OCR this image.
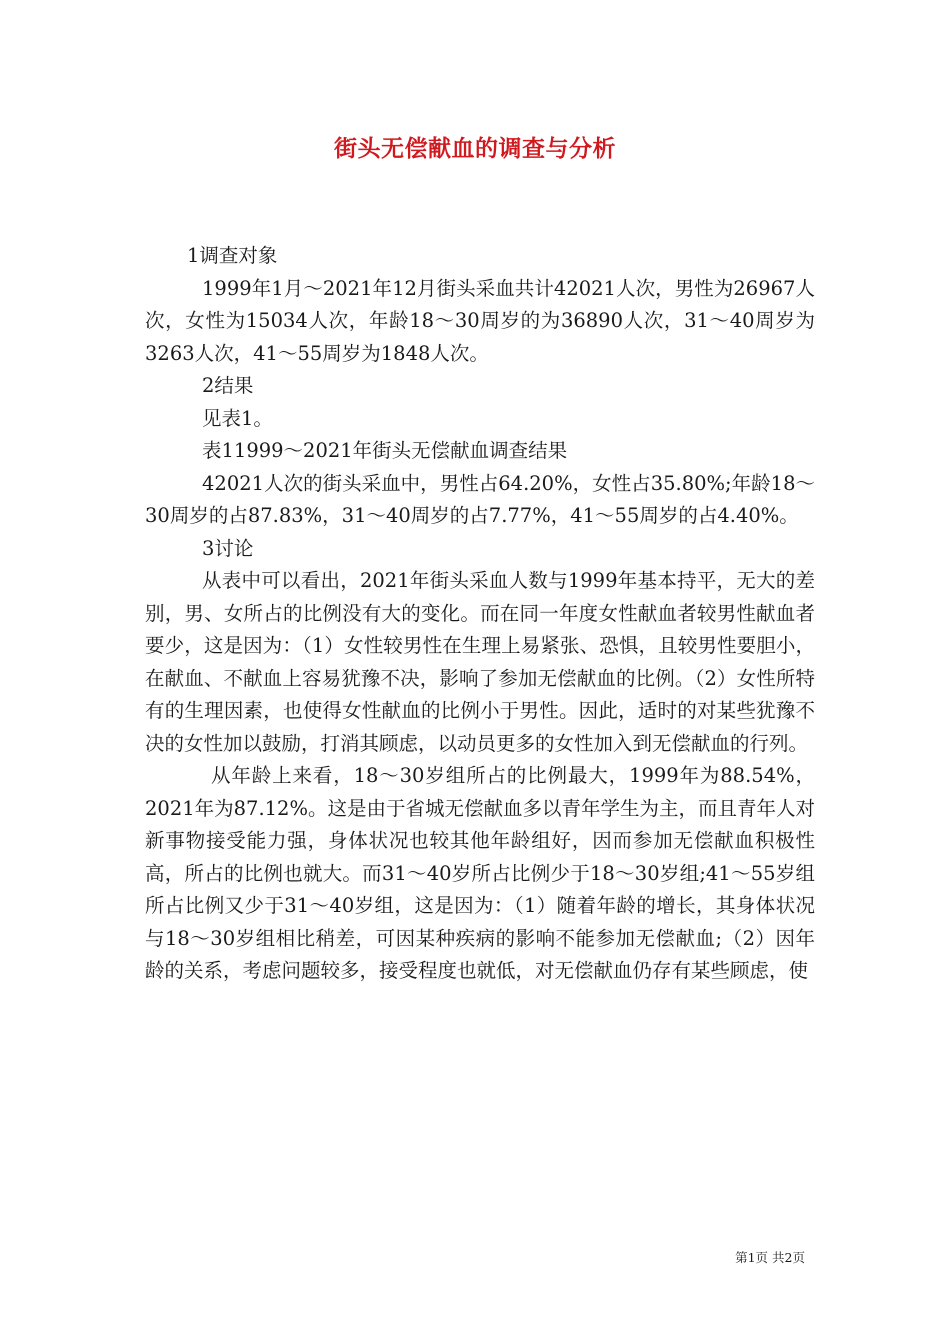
街头无偿献血的调查与分析

1调查对象

1999年1月～2021年12月街头采血共计42021人次，男性为26967人次，女性为15034人次，年龄18～30周岁的为36890人次，31～40周岁为3263人次，41～55周岁为1848人次。

2结果

见表1。

表11999～2021年街头无偿献血调查结果

42021人次的街头采血中，男性占64.20%，女性占35.80%;年龄18～30周岁的占87.83%，31～40周岁的占7.77%，41～55周岁的占4.40%。

3讨论

从表中可以看出，2021年街头采血人数与1999年基本持平，无大的差别，男、女所占的比例没有大的变化。而在同一年度女性献血者较男性献血者要少，这是因为：（1）女性较男性在生理上易紧张、恐惧，且较男性要胆小，在献血、不献血上容易犹豫不决，影响了参加无偿献血的比例。（2）女性所特有的生理因素，也使得女性献血的比例小于男性。因此，适时的对某些犹豫不决的女性加以鼓励，打消其顾虑，以动员更多的女性加入到无偿献血的行列。

从年龄上来看，18～30岁组所占的比例最大，1999年为88.54%，2021年为87.12%。这是由于省城无偿献血多以青年学生为主，而且青年人对新事物接受能力强，身体状况也较其他年龄组好，因而参加无偿献血积极性高，所占的比例也就大。而31～40岁所占比例少于18～30岁组;41～55岁组所占比例又少于31～40岁组，这是因为：（1）随着年龄的增长，其身体状况与18～30岁组相比稍差，可因某种疾病的影响不能参加无偿献血;（2）因年龄的关系，考虑问题较多，接受程度也就低，对无偿献血仍存有某些顾虑，使

第1页 共2页
